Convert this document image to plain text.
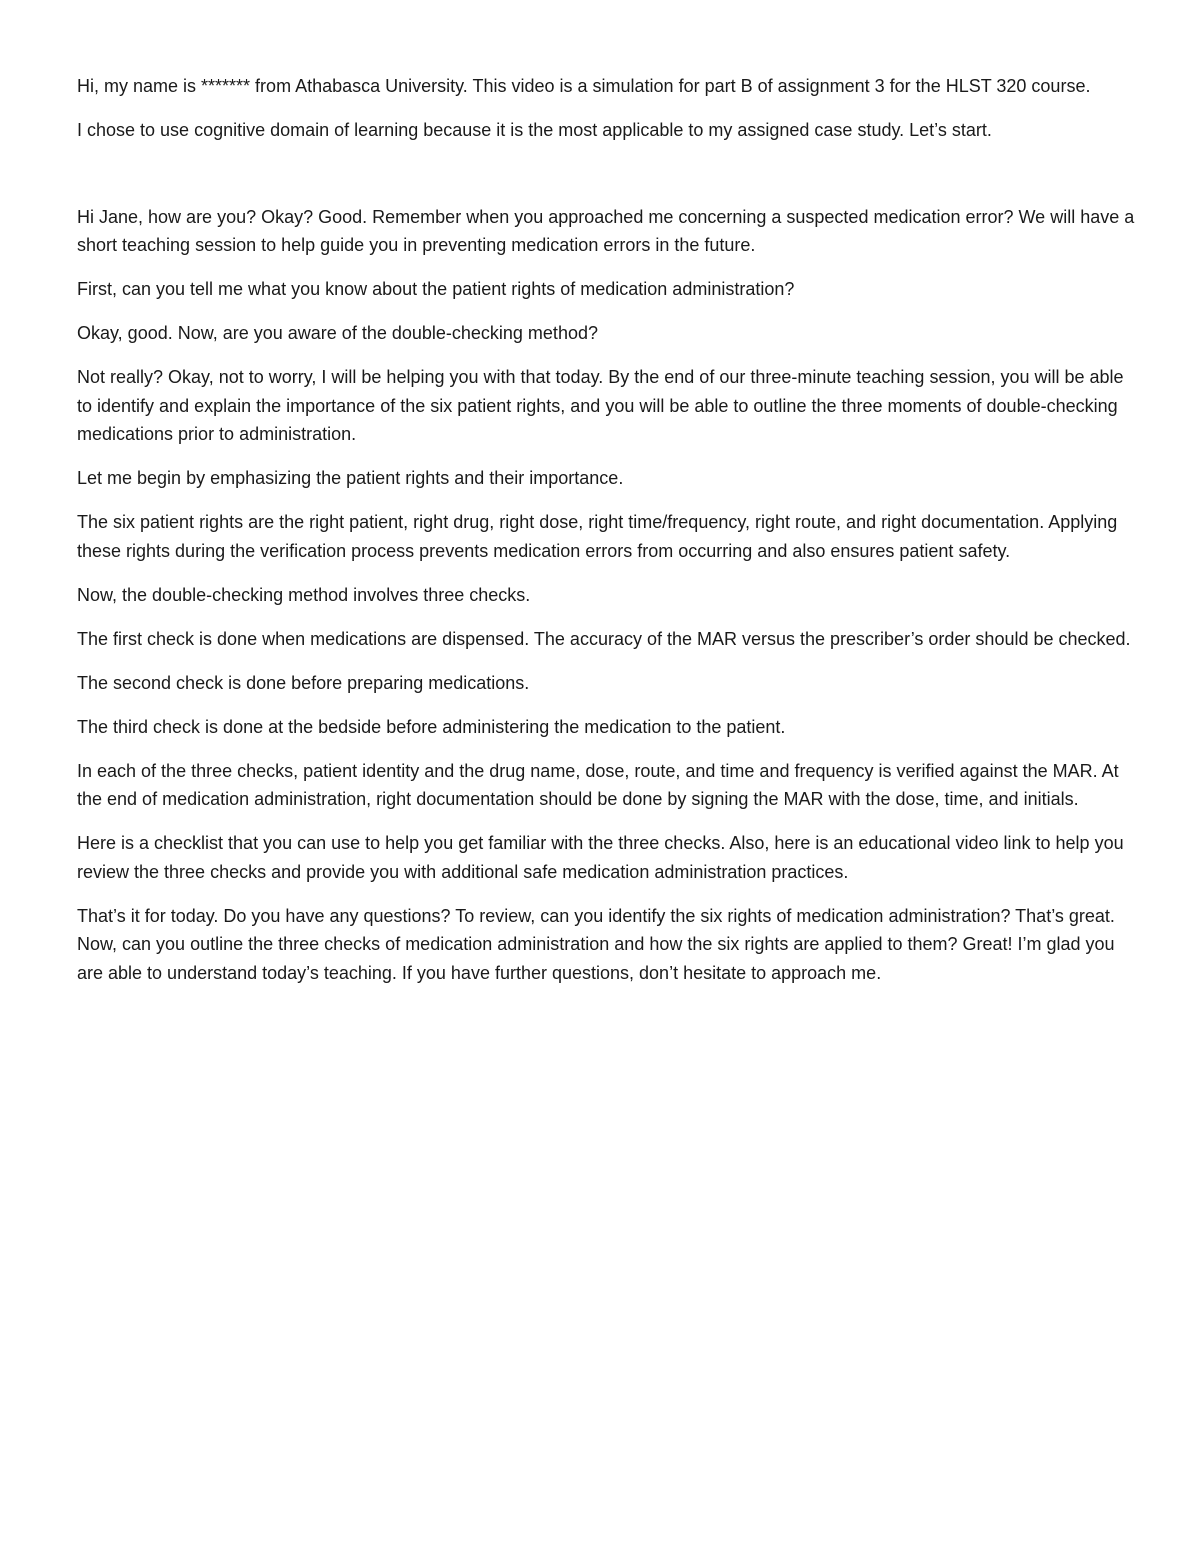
Hi, my name is ******* from Athabasca University. This video is a simulation for part B of assignment 3 for the HLST 320 course.

I chose to use cognitive domain of learning because it is the most applicable to my assigned case study. Let’s start.

Hi Jane, how are you? Okay? Good. Remember when you approached me concerning a suspected medication error? We will have a short teaching session to help guide you in preventing medication errors in the future.

First, can you tell me what you know about the patient rights of medication administration?

Okay, good. Now, are you aware of the double-checking method?

Not really? Okay, not to worry, I will be helping you with that today. By the end of our three-minute teaching session, you will be able to identify and explain the importance of the six patient rights, and you will be able to outline the three moments of double-checking medications prior to administration.

Let me begin by emphasizing the patient rights and their importance.

The six patient rights are the right patient, right drug, right dose, right time/frequency, right route, and right documentation. Applying these rights during the verification process prevents medication errors from occurring and also ensures patient safety.

Now, the double-checking method involves three checks.

The first check is done when medications are dispensed. The accuracy of the MAR versus the prescriber’s order should be checked.

The second check is done before preparing medications.

The third check is done at the bedside before administering the medication to the patient.

In each of the three checks, patient identity and the drug name, dose, route, and time and frequency is verified against the MAR. At the end of medication administration, right documentation should be done by signing the MAR with the dose, time, and initials.

Here is a checklist that you can use to help you get familiar with the three checks. Also, here is an educational video link to help you review the three checks and provide you with additional safe medication administration practices.

That’s it for today. Do you have any questions? To review, can you identify the six rights of medication administration? That’s great. Now, can you outline the three checks of medication administration and how the six rights are applied to them? Great! I’m glad you are able to understand today’s teaching. If you have further questions, don’t hesitate to approach me.
